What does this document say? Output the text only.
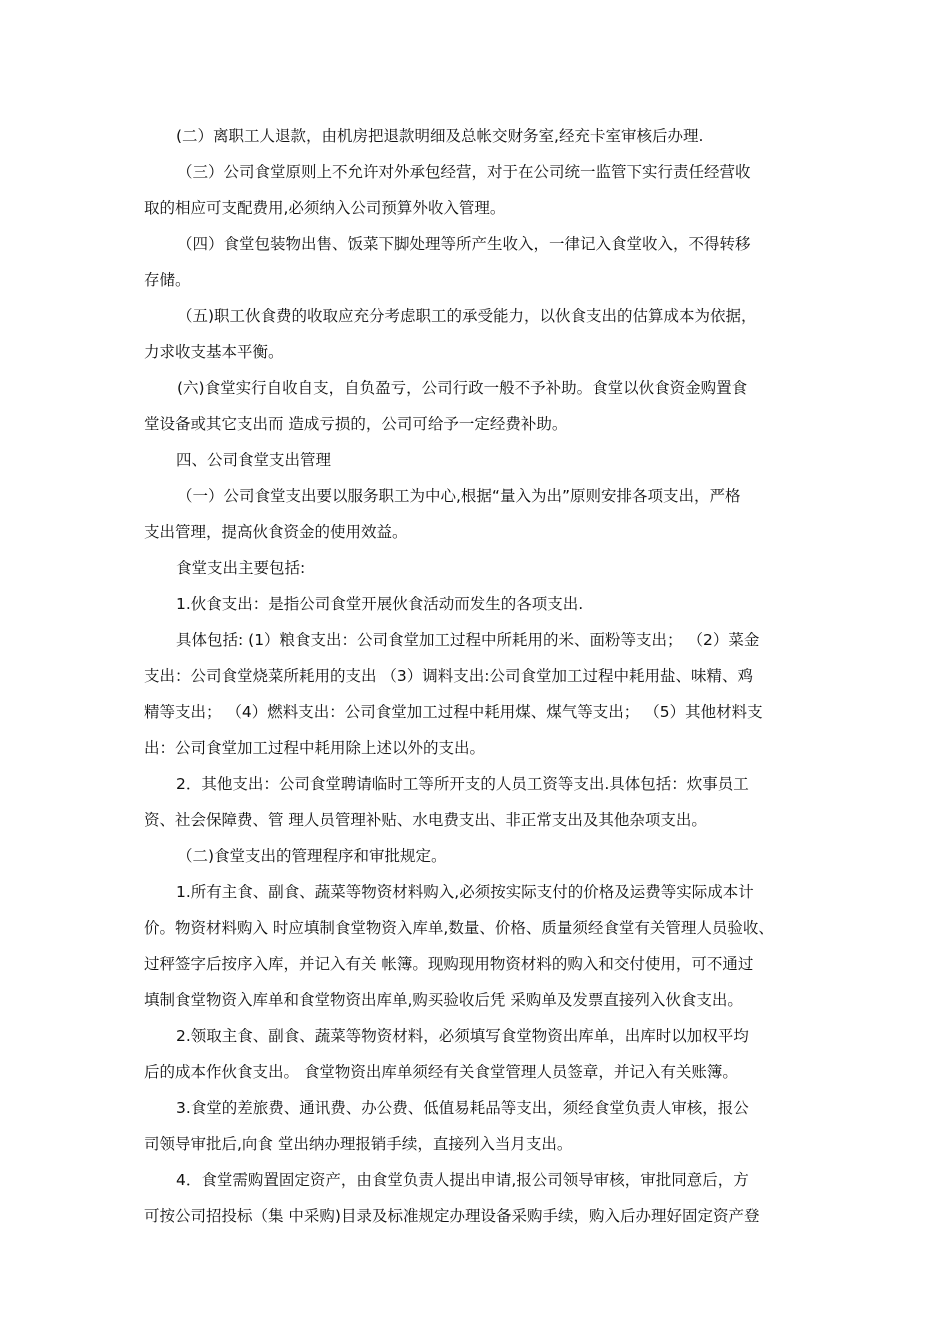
(二）离职工人退款，由机房把退款明细及总帐交财务室,经充卡室审核后办理.
（三）公司食堂原则上不允许对外承包经营，对于在公司统一监管下实行责任经营收
取的相应可支配费用,必须纳入公司预算外收入管理。
（四）食堂包装物出售、饭菜下脚处理等所产生收入，一律记入食堂收入，不得转移
存储。
（五)职工伙食费的收取应充分考虑职工的承受能力，以伙食支出的估算成本为依据，
力求收支基本平衡。
(六)食堂实行自收自支，自负盈亏，公司行政一般不予补助。食堂以伙食资金购置食
堂设备或其它支出而 造成亏损的，公司可给予一定经费补助。
四、公司食堂支出管理
（一）公司食堂支出要以服务职工为中心,根据“量入为出”原则安排各项支出，严格
支出管理，提高伙食资金的使用效益。
食堂支出主要包括:
1.伙食支出：是指公司食堂开展伙食活动而发生的各项支出.
具体包括: (1）粮食支出：公司食堂加工过程中所耗用的米、面粉等支出； （2）菜金
支出：公司食堂烧菜所耗用的支出 （3）调料支出:公司食堂加工过程中耗用盐、味精、鸡
精等支出； （4）燃料支出：公司食堂加工过程中耗用煤、煤气等支出； （5）其他材料支
出：公司食堂加工过程中耗用除上述以外的支出。
2．其他支出：公司食堂聘请临时工等所开支的人员工资等支出.具体包括：炊事员工
资、社会保障费、管 理人员管理补贴、水电费支出、非正常支出及其他杂项支出。
（二)食堂支出的管理程序和审批规定。
1.所有主食、副食、蔬菜等物资材料购入,必须按实际支付的价格及运费等实际成本计
价。物资材料购入 时应填制食堂物资入库单,数量、价格、质量须经食堂有关管理人员验收、
过秤签字后按序入库，并记入有关 帐簿。现购现用物资材料的购入和交付使用，可不通过
填制食堂物资入库单和食堂物资出库单,购买验收后凭 采购单及发票直接列入伙食支出。
2.领取主食、副食、蔬菜等物资材料，必须填写食堂物资出库单，出库时以加权平均
后的成本作伙食支出。 食堂物资出库单须经有关食堂管理人员签章，并记入有关账簿。
3.食堂的差旅费、通讯费、办公费、低值易耗品等支出，须经食堂负责人审核，报公
司领导审批后,向食 堂出纳办理报销手续，直接列入当月支出。
4．食堂需购置固定资产，由食堂负责人提出申请,报公司领导审核，审批同意后，方
可按公司招投标（集 中采购)目录及标准规定办理设备采购手续，购入后办理好固定资产登
